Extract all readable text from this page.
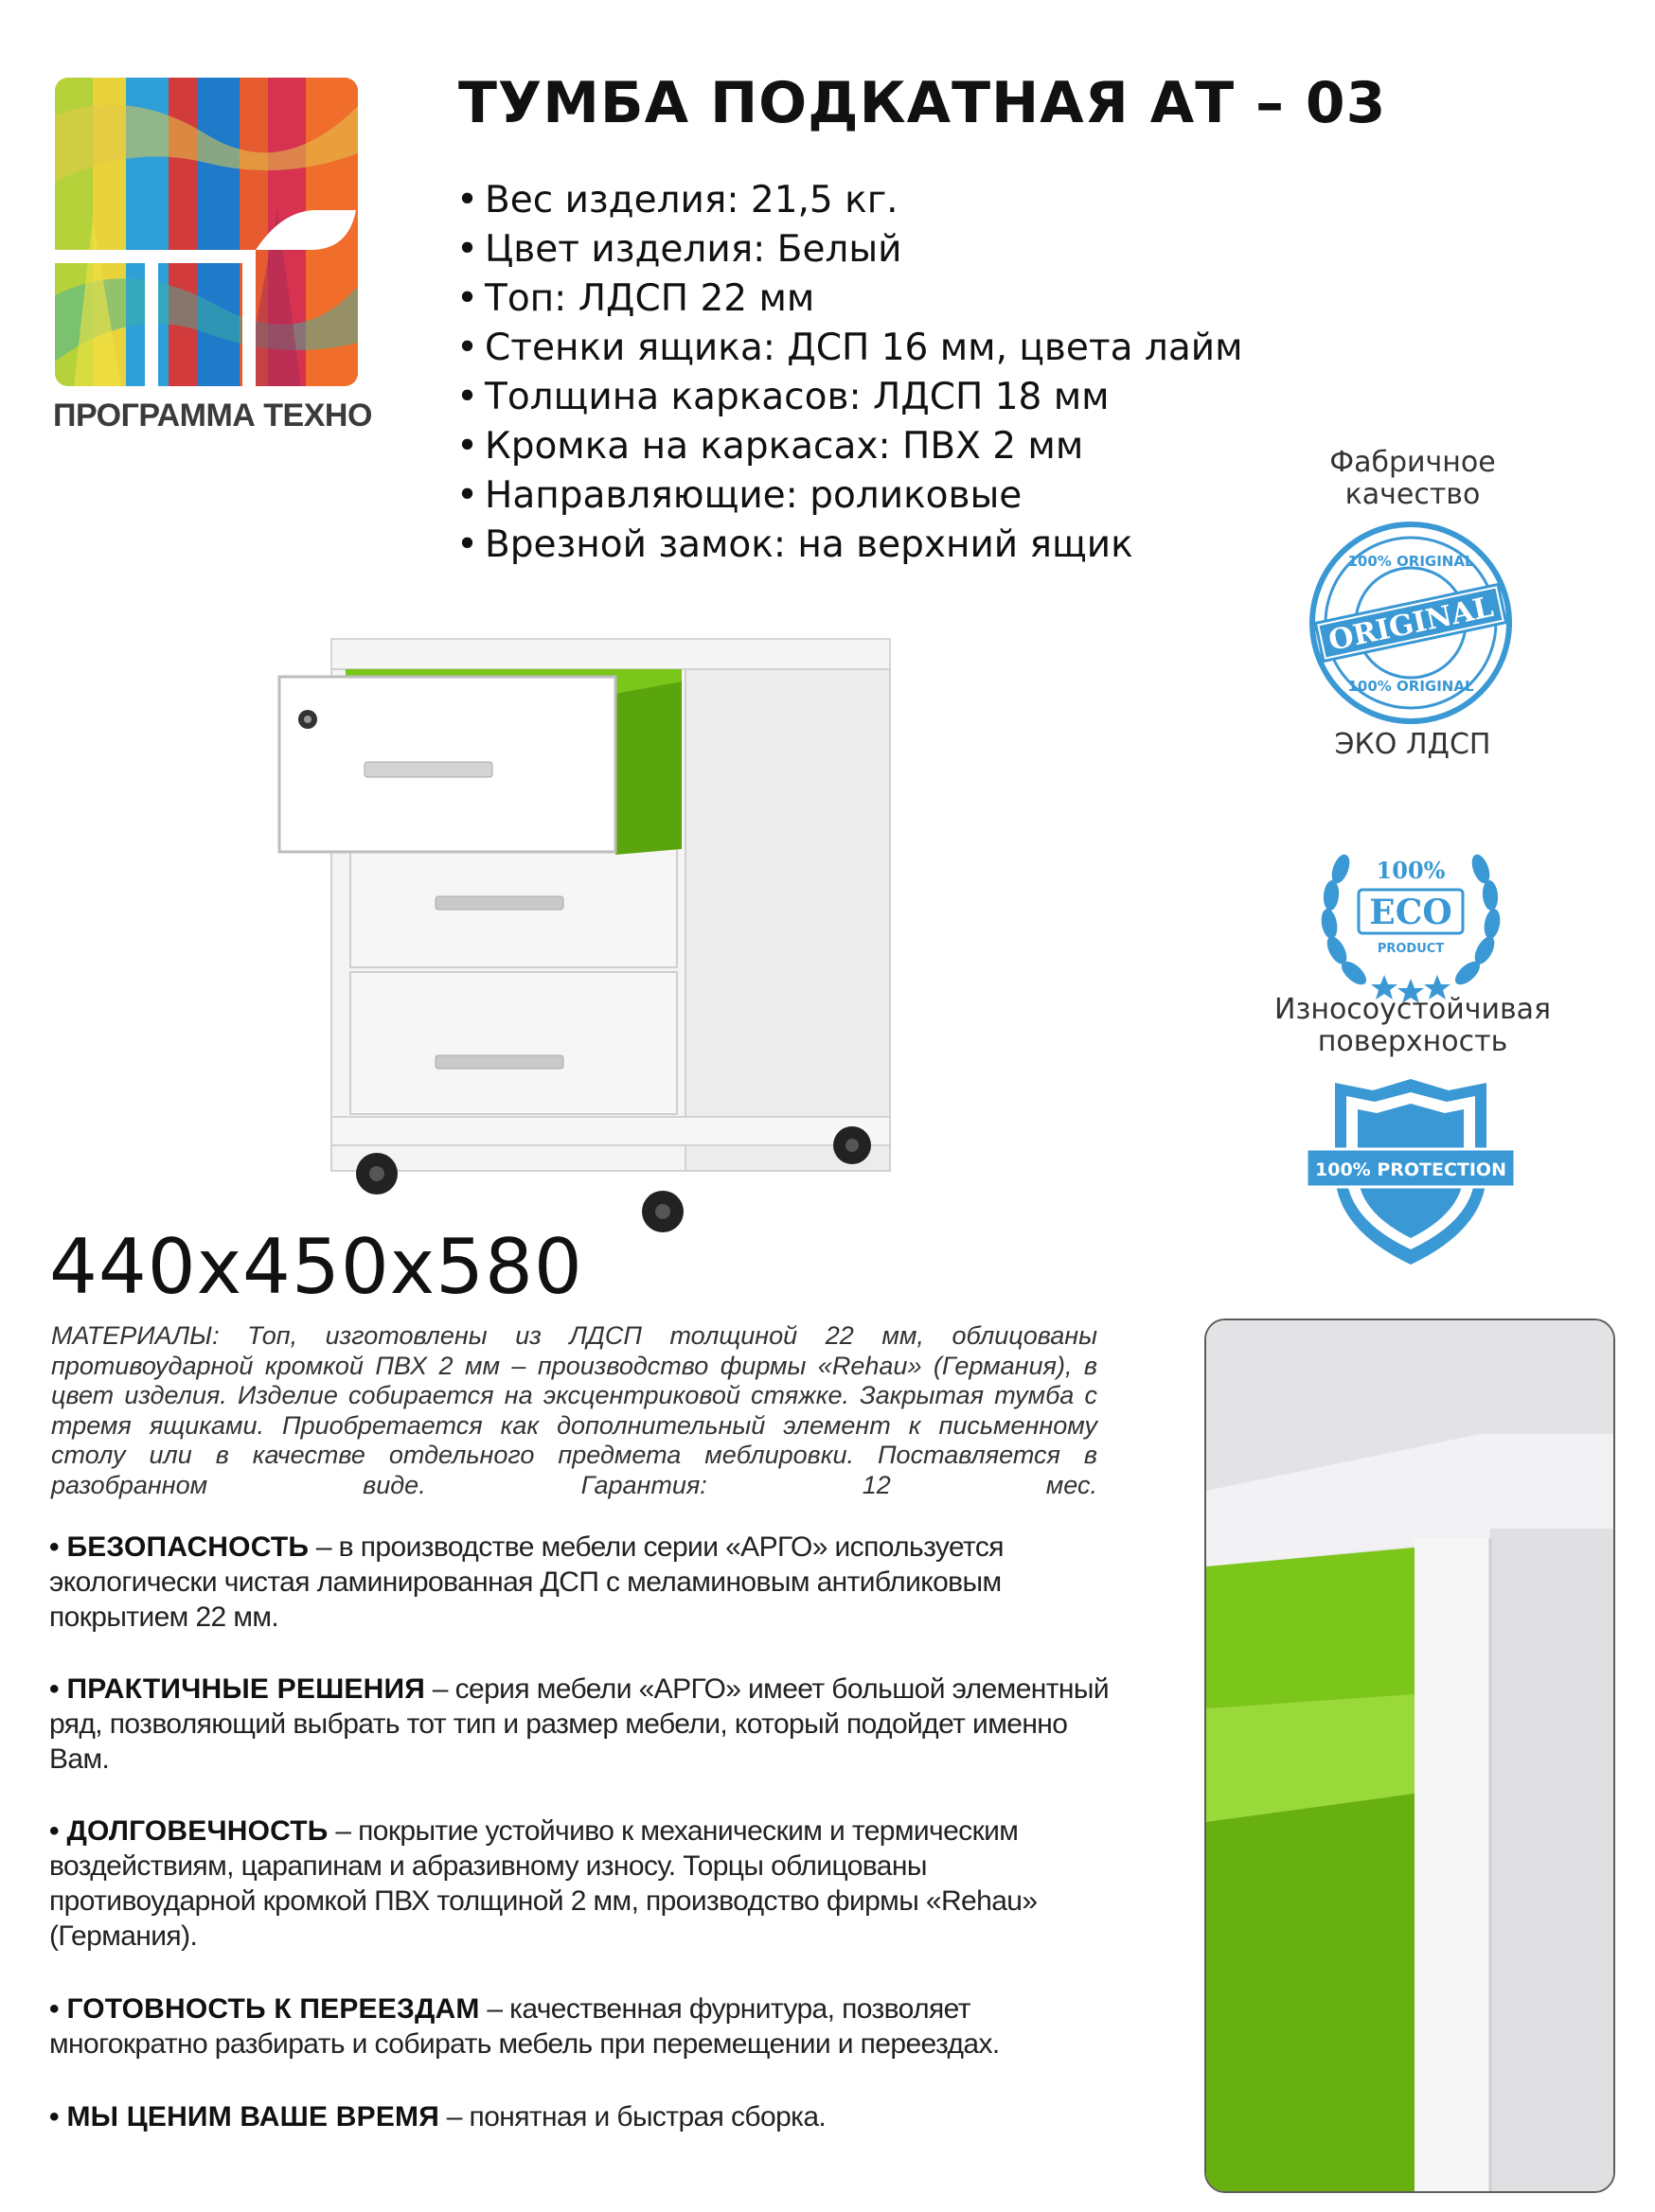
ПРОГРАММА ТЕХНО
ТУМБА ПОДКАТНАЯ АТ – 03
• Вес изделия: 21,5 кг.
• Цвет изделия: Белый
• Топ: ЛДСП 22 мм
• Стенки ящика: ДСП 16 мм, цвета лайм
• Толщина каркасов: ЛДСП 18 мм
• Кромка на каркасах: ПВХ 2 мм
• Направляющие: роликовые
• Врезной замок: на верхний ящик
440x450x580

МАТЕРИАЛЫ: Топ, изготовлены из ЛДСП толщиной 22 мм, облицованы противоударной кромкой ПВХ 2 мм – производство фирмы «Rehau» (Германия), в цвет изделия. Изделие собирается на эксцентриковой стяжке. Закрытая тумба с тремя ящиками. Приобретается как дополнительный элемент к письменному столу или в качестве отдельного предмета меблировки. Поставляется в разобранном виде. Гарантия: 12 мес.

• БЕЗОПАСНОСТЬ – в производстве мебели серии «АРГО» используется экологически чистая ламинированная ДСП с меламиновым антибликовым покрытием 22 мм.

• ПРАКТИЧНЫЕ РЕШЕНИЯ – серия мебели «АРГО» имеет большой элементный ряд, позволяющий выбрать тот тип и размер мебели, который подойдет именно Вам.

• ДОЛГОВЕЧНОСТЬ – покрытие устойчиво к механическим и термическим воздействиям, царапинам и абразивному износу. Торцы облицованы противоударной кромкой ПВХ толщиной 2 мм, производство фирмы «Rehau» (Германия).

• ГОТОВНОСТЬ К ПЕРЕЕЗДАМ – качественная фурнитура, позволяет многократно разбирать и собирать мебель при перемещении и переездах.

• МЫ ЦЕНИМ ВАШЕ ВРЕМЯ – понятная и быстрая сборка.

Фабричное качество
100% ORIGINAL
ORIGINAL
100% ORIGINAL
ЭКО ЛДСП
100%
ECO
PRODUCT
Износоустойчивая поверхность
100% PROTECTION
